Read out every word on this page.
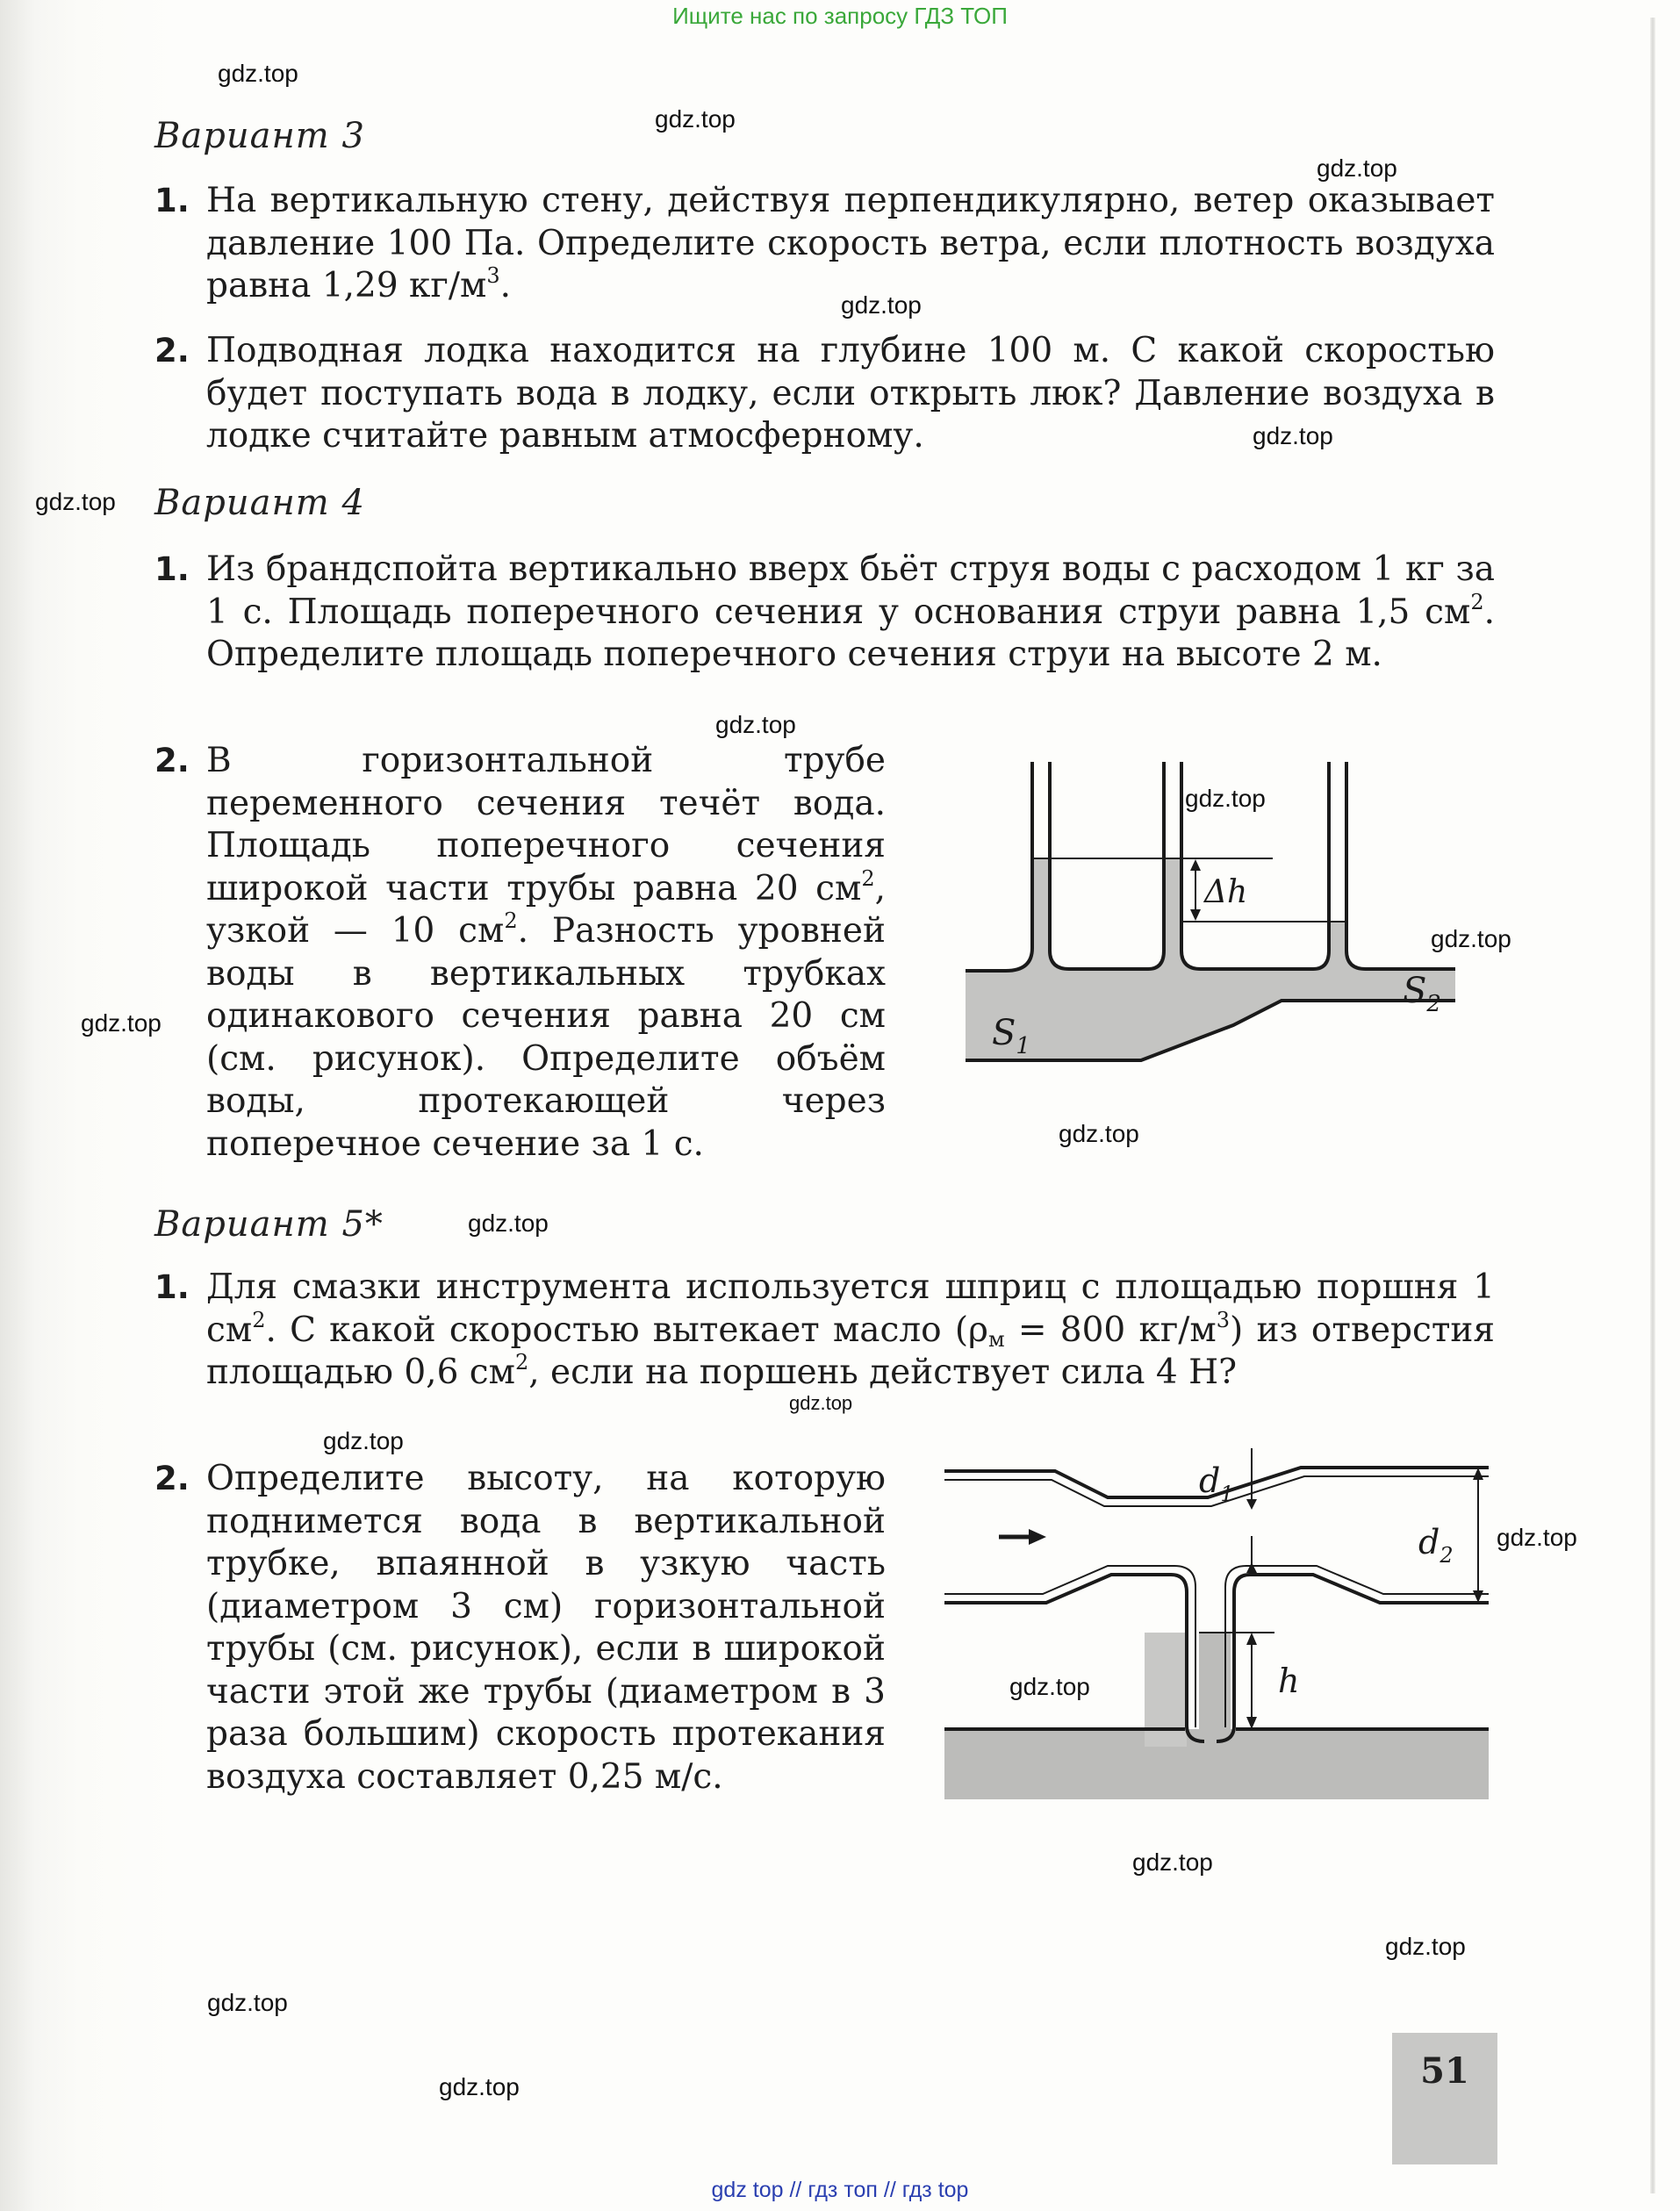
Ищите нас по запросу ГДЗ ТОП
Вариант 3
1. На вертикальную стену, действуя перпендикулярно, ветер оказывает давление 100 Па. Определите скорость ветра, если плотность воздуха равна 1,29 $кг/м^3$.
2. Подводная лодка находится на глубине 100 м. С какой скоростью будет поступать вода в лодку, если открыть люк? Давление воздуха в лодке считайте равным атмосферному.
Вариант 4
1. Из брандспойта вертикально вверх бьёт струя воды с расходом 1 кг за 1 с. Площадь поперечного сечения у основания струи равна 1,5 $см^2$. Определите площадь поперечного сечения струи на высоте 2 м.
2. В горизонтальной трубе переменного сечения течёт вода. Площадь поперечного сечения широкой части трубы равна 20 $см^2$, узкой — 10 $см^2$. Разность уровней воды в вертикальных трубках одинакового сечения равна 20 см (см. рисунок). Определите объём воды, протекающей через поперечное сечение за 1 с.
Δh
$S_1$
$S_2$
Вариант 5*
1. Для смазки инструмента используется шприц с площадью поршня 1 $см^2$. С какой скоростью вытекает масло ($\rho_м = 800$ $кг/м^3$) из отверстия площадью 0,6 $см^2$, если на поршень действует сила 4 Н?
2. Определите высоту, на которую поднимется вода в вертикальной трубке, впаянной в узкую часть (диаметром 3 см) горизонтальной трубы (см. рисунок), если в широкой части этой же трубы (диаметром в 3 раза большим) скорость протекания воздуха составляет 0,25 м/с.
$d_1$
$d_2$
h
51
gdz.top
gdz.top
gdz.top
gdz.top
gdz.top
gdz.top
gdz.top
gdz.top
gdz.top
gdz.top
gdz.top
gdz.top
gdz.top
gdz.top
gdz.top
gdz.top
gdz.top
gdz.top
gdz.top
gdz.top
gdz top // гдз топ // гдз top
